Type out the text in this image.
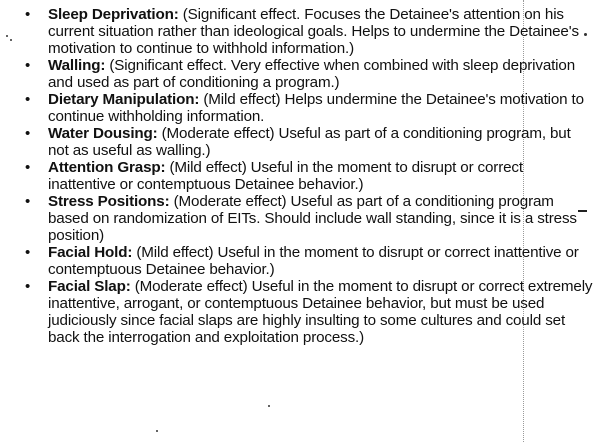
• Sleep Deprivation: (Significant effect. Focuses the Detainee's attention on his current situation rather than ideological goals. Helps to undermine the Detainee's motivation to continue to withhold information.)
• Walling: (Significant effect. Very effective when combined with sleep deprivation and used as part of conditioning a program.)
• Dietary Manipulation: (Mild effect) Helps undermine the Detainee's motivation to continue withholding information.
• Water Dousing: (Moderate effect) Useful as part of a conditioning program, but not as useful as walling.)
• Attention Grasp: (Mild effect) Useful in the moment to disrupt or correct inattentive or contemptuous Detainee behavior.)
• Stress Positions: (Moderate effect) Useful as part of a conditioning program based on randomization of EITs. Should include wall standing, since it is a stress position)
• Facial Hold: (Mild effect) Useful in the moment to disrupt or correct inattentive or contemptuous Detainee behavior.)
• Facial Slap: (Moderate effect) Useful in the moment to disrupt or correct extremely inattentive, arrogant, or contemptuous Detainee behavior, but must be used judiciously since facial slaps are highly insulting to some cultures and could set back the interrogation and exploitation process.)
